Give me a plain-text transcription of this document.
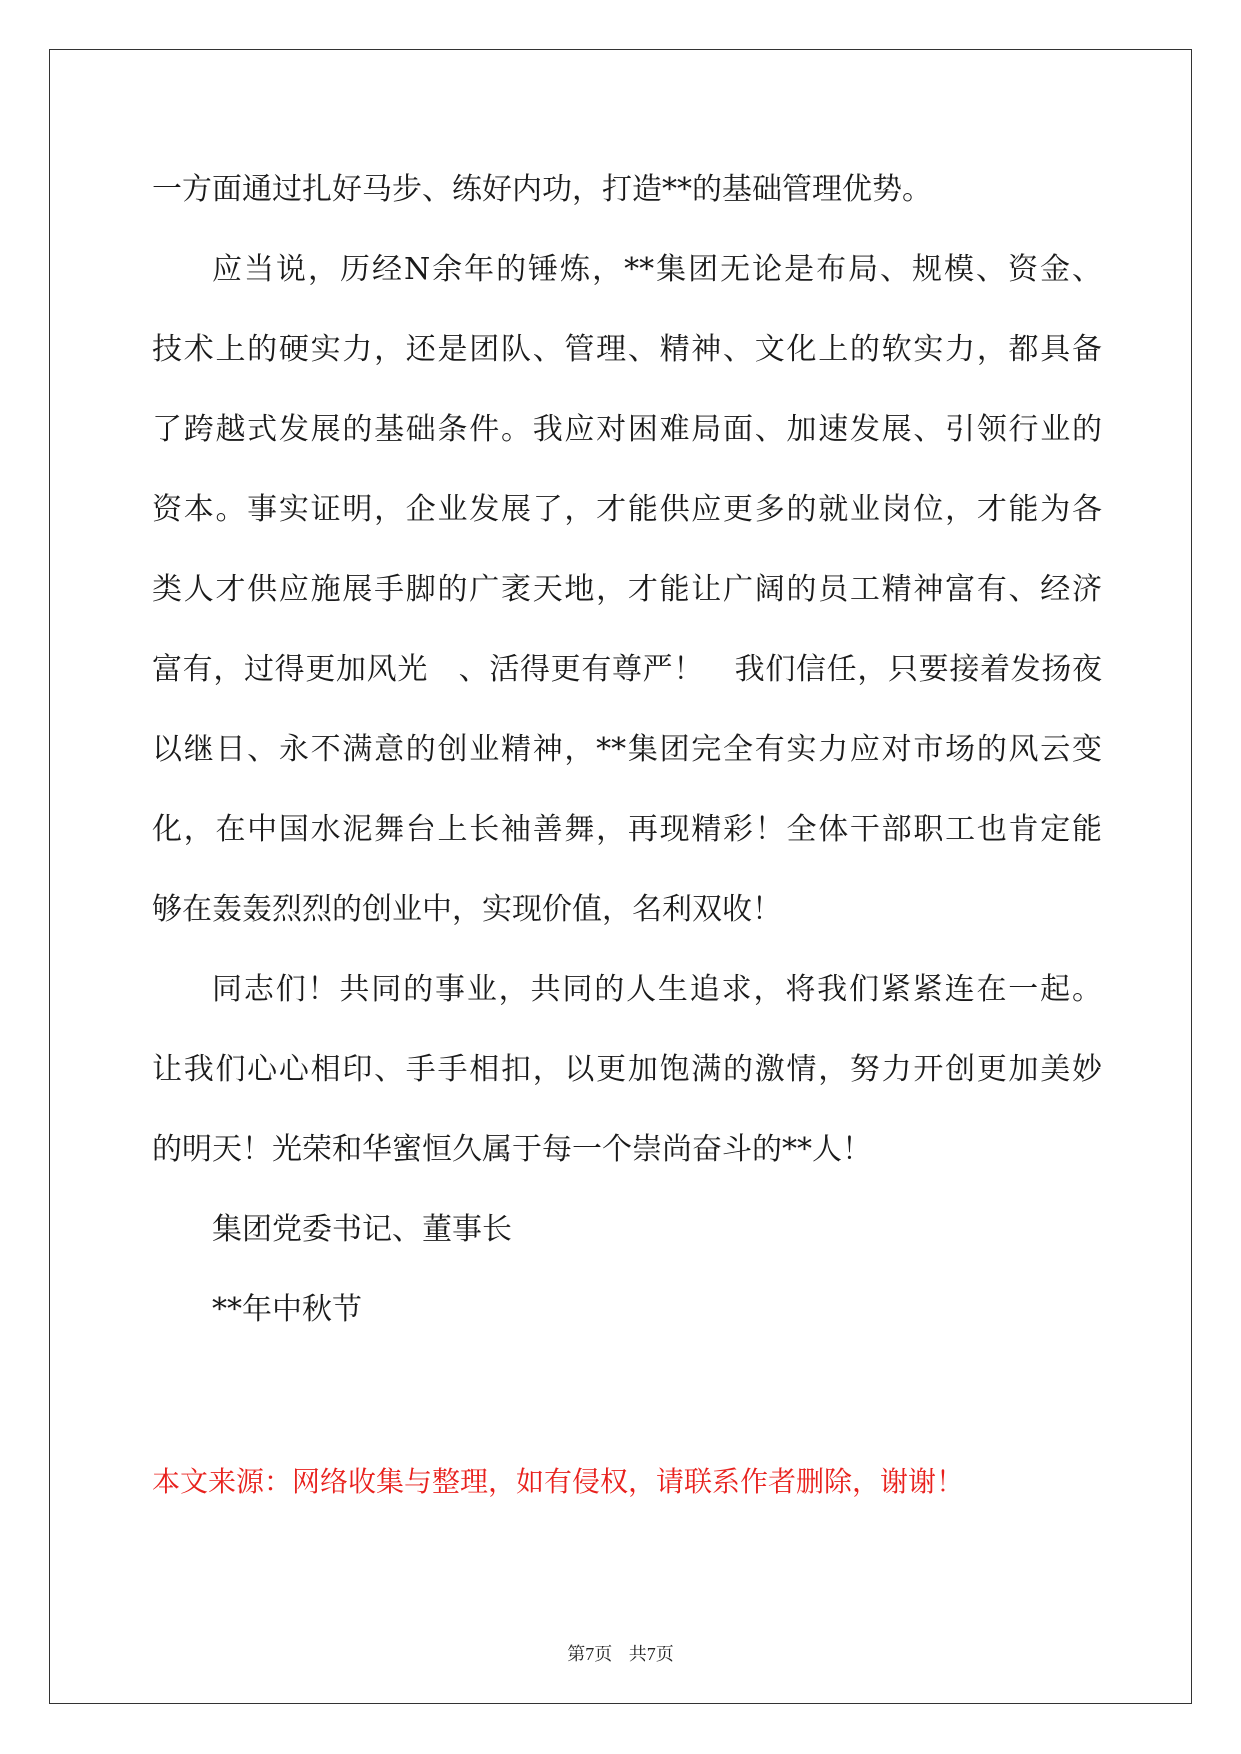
一方面通过扎好马步、练好内功，打造**的基础管理优势。
应当说，历经N余年的锤炼，**集团无论是布局、规模、资金、
技术上的硬实力，还是团队、管理、精神、文化上的软实力，都具备
了跨越式发展的基础条件。我应对困难局面、加速发展、引领行业的
资本。事实证明，企业发展了，才能供应更多的就业岗位，才能为各
类人才供应施展手脚的广袤天地，才能让广阔的员工精神富有、经济
富有，过得更加风光　、活得更有尊严！　我们信任，只要接着发扬夜
以继日、永不满意的创业精神，**集团完全有实力应对市场的风云变
化，在中国水泥舞台上长袖善舞，再现精彩！全体干部职工也肯定能
够在轰轰烈烈的创业中，实现价值，名利双收！
同志们！共同的事业，共同的人生追求，将我们紧紧连在一起。
让我们心心相印、手手相扣，以更加饱满的激情，努力开创更加美妙
的明天！光荣和华蜜恒久属于每一个崇尚奋斗的**人！
集团党委书记、董事长
**年中秋节
本文来源：网络收集与整理，如有侵权，请联系作者删除，谢谢！
第7页 共7页
